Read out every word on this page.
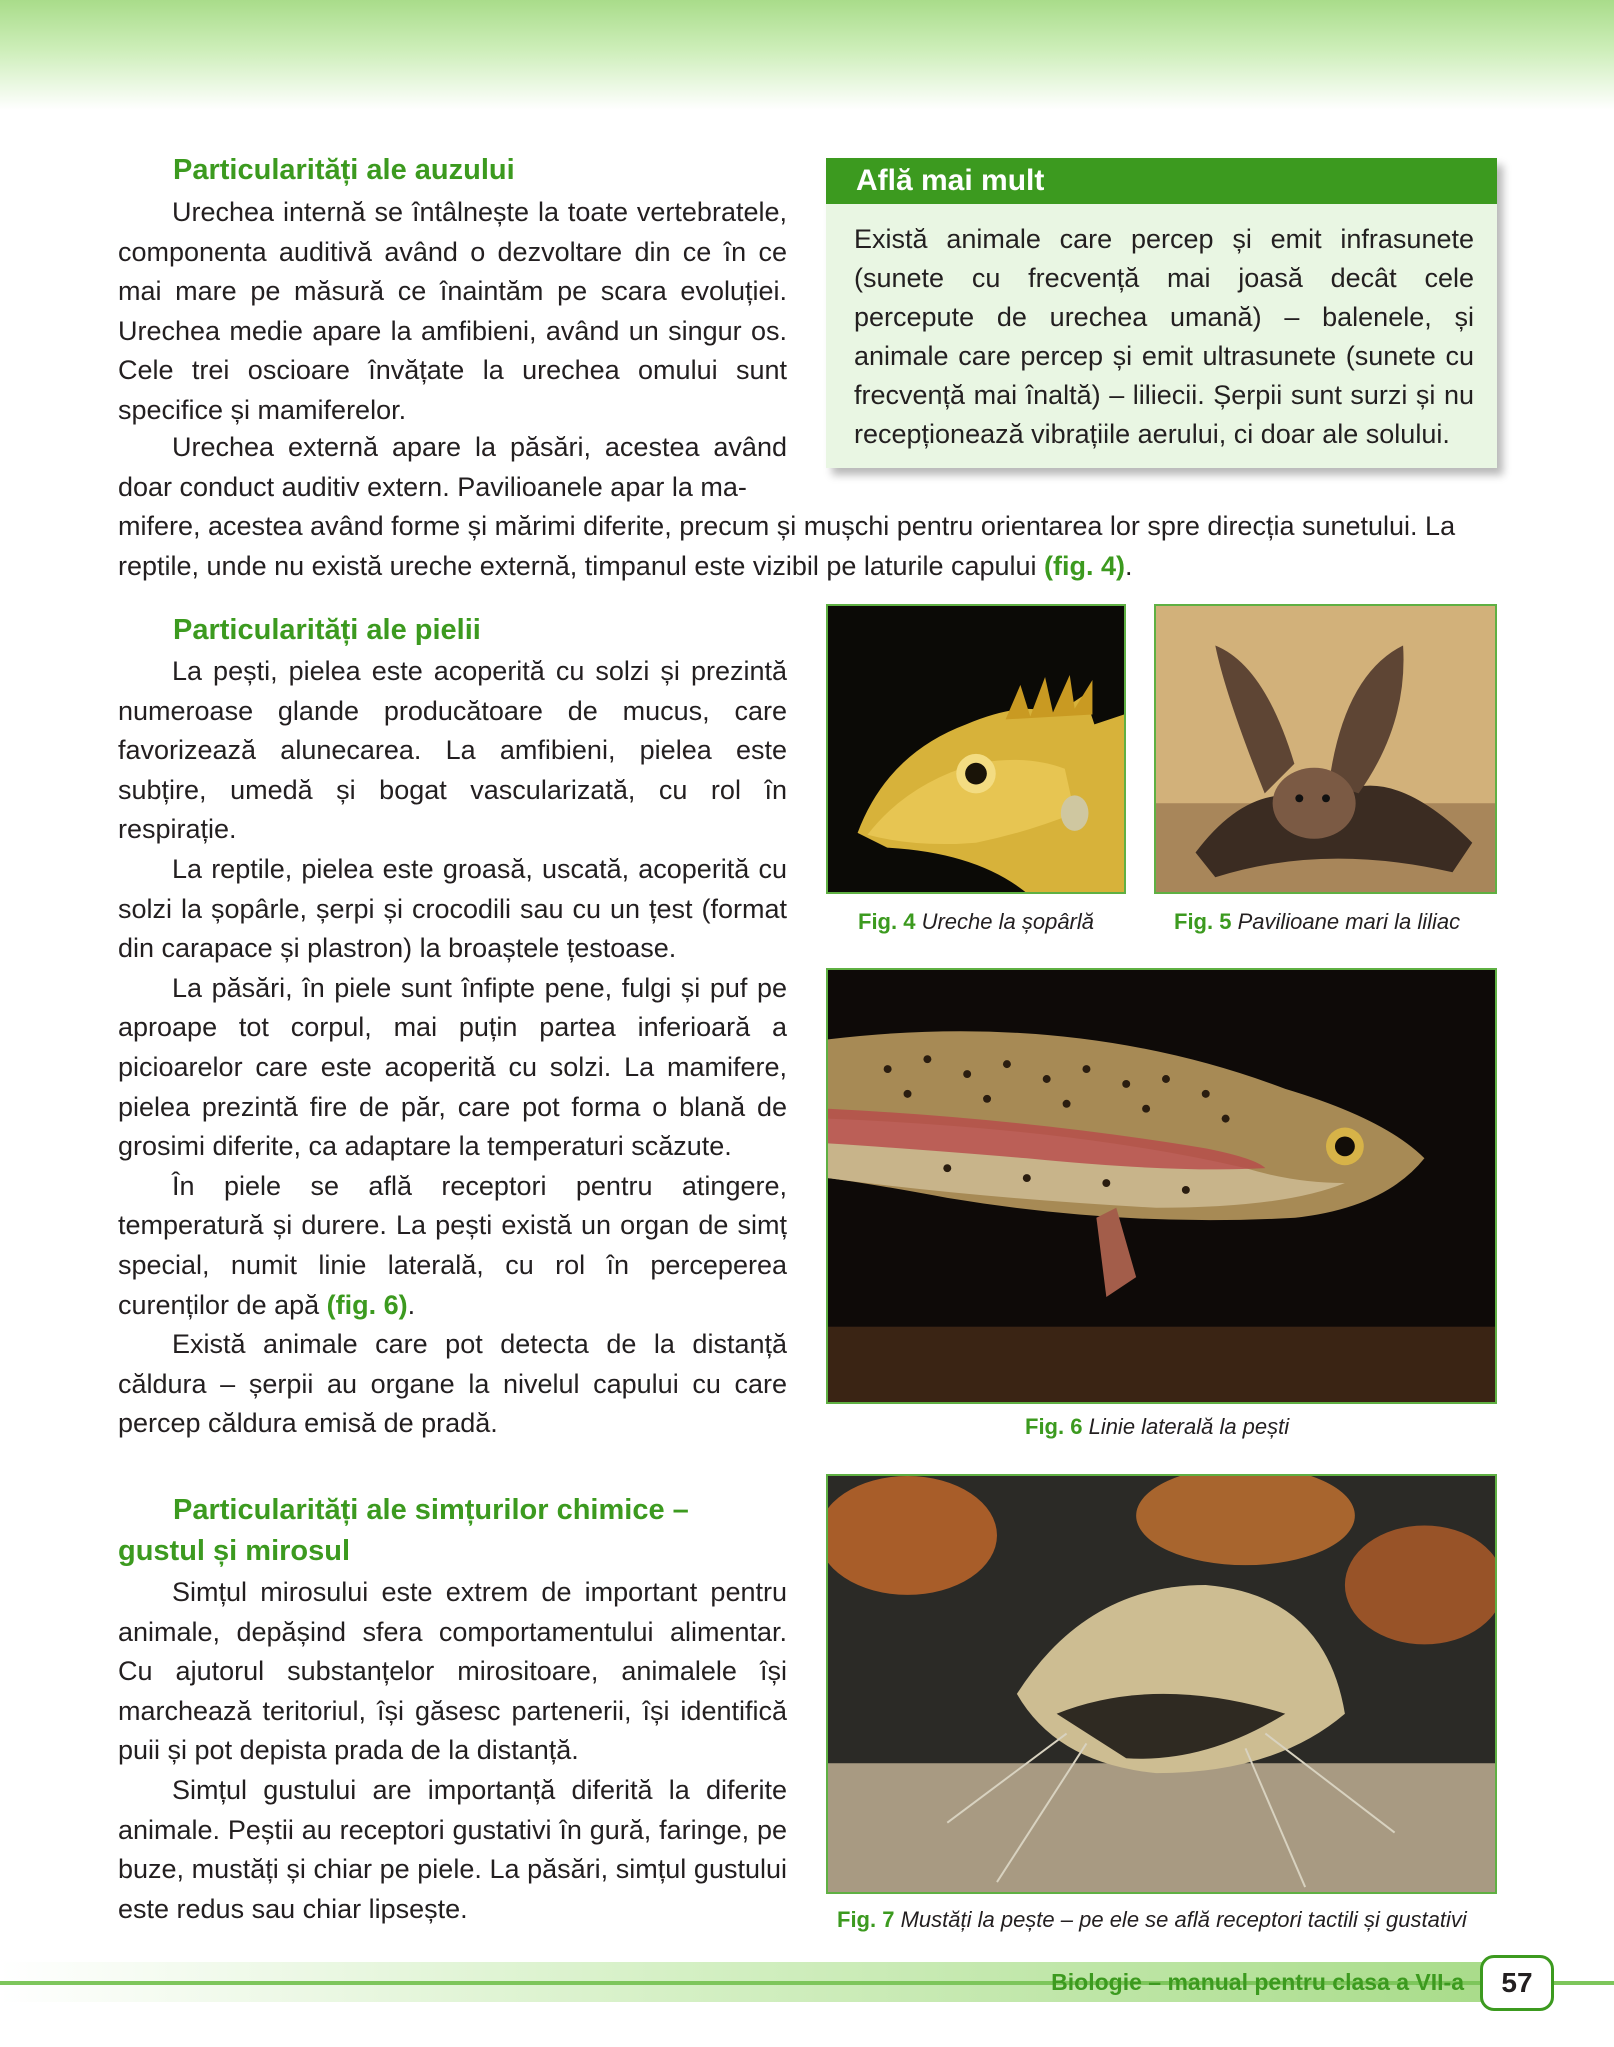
Particularități ale auzului

Urechea internă se întâlnește la toate vertebratele, componenta auditivă având o dezvoltare din ce în ce mai mare pe măsură ce înaintăm pe scara evoluției. Urechea medie apare la amfibieni, având un singur os. Cele trei oscioare învățate la urechea omului sunt specifice și mamiferelor.

Urechea externă apare la păsări, acestea având doar conduct auditiv extern. Pavilioanele apar la ma-
mifere, acestea având forme și mărimi diferite, precum și mușchi pentru orientarea lor spre direcția sunetului. La reptile, unde nu există ureche externă, timpanul este vizibil pe laturile capului (fig. 4).
Află mai mult
Există animale care percep și emit infrasunete (sunete cu frecvență mai joasă decât cele percepute de urechea umană) – balenele, și animale care percep și emit ultrasunete (sunete cu frecvență mai înaltă) – liliecii. Șerpii sunt surzi și nu recepționează vibrațiile aerului, ci doar ale solului.
Particularități ale pielii

La pești, pielea este acoperită cu solzi și prezintă numeroase glande producătoare de mucus, care favorizează alunecarea. La amfibieni, pielea este subțire, umedă și bogat vascularizată, cu rol în respirație.

La reptile, pielea este groasă, uscată, acoperită cu solzi la șopârle, șerpi și crocodili sau cu un țest (format din carapace și plastron) la broaștele țestoase.

La păsări, în piele sunt înfipte pene, fulgi și puf pe aproape tot corpul, mai puțin partea inferioară a picioarelor care este acoperită cu solzi. La mamifere, pielea prezintă fire de păr, care pot forma o blană de grosimi diferite, ca adaptare la temperaturi scăzute.

În piele se află receptori pentru atingere, temperatură și durere. La pești există un organ de simț special, numit linie laterală, cu rol în perceperea curenților de apă (fig. 6).

Există animale care pot detecta de la distanță căldura – șerpii au organe la nivelul capului cu care percep căldura emisă de pradă.

Particularități ale simțurilor chimice –
gustul și mirosul

Simțul mirosului este extrem de important pentru animale, depășind sfera comportamentului alimentar. Cu ajutorul substanțelor mirositoare, animalele își marchează teritoriul, își găsesc partenerii, își identifică puii și pot depista prada de la distanță.

Simțul gustului are importanță diferită la diferite animale. Peștii au receptori gustativi în gură, faringe, pe buze, mustăți și chiar pe piele. La păsări, simțul gustului este redus sau chiar lipsește.

Fig. 4 Ureche la șopârlă	Fig. 5 Pavilioane mari la liliac
Fig. 6 Linie laterală la pești
Fig. 7 Mustăți la pește – pe ele se află receptori tactili și gustativi
Biologie – manual pentru clasa a VII-a	57
